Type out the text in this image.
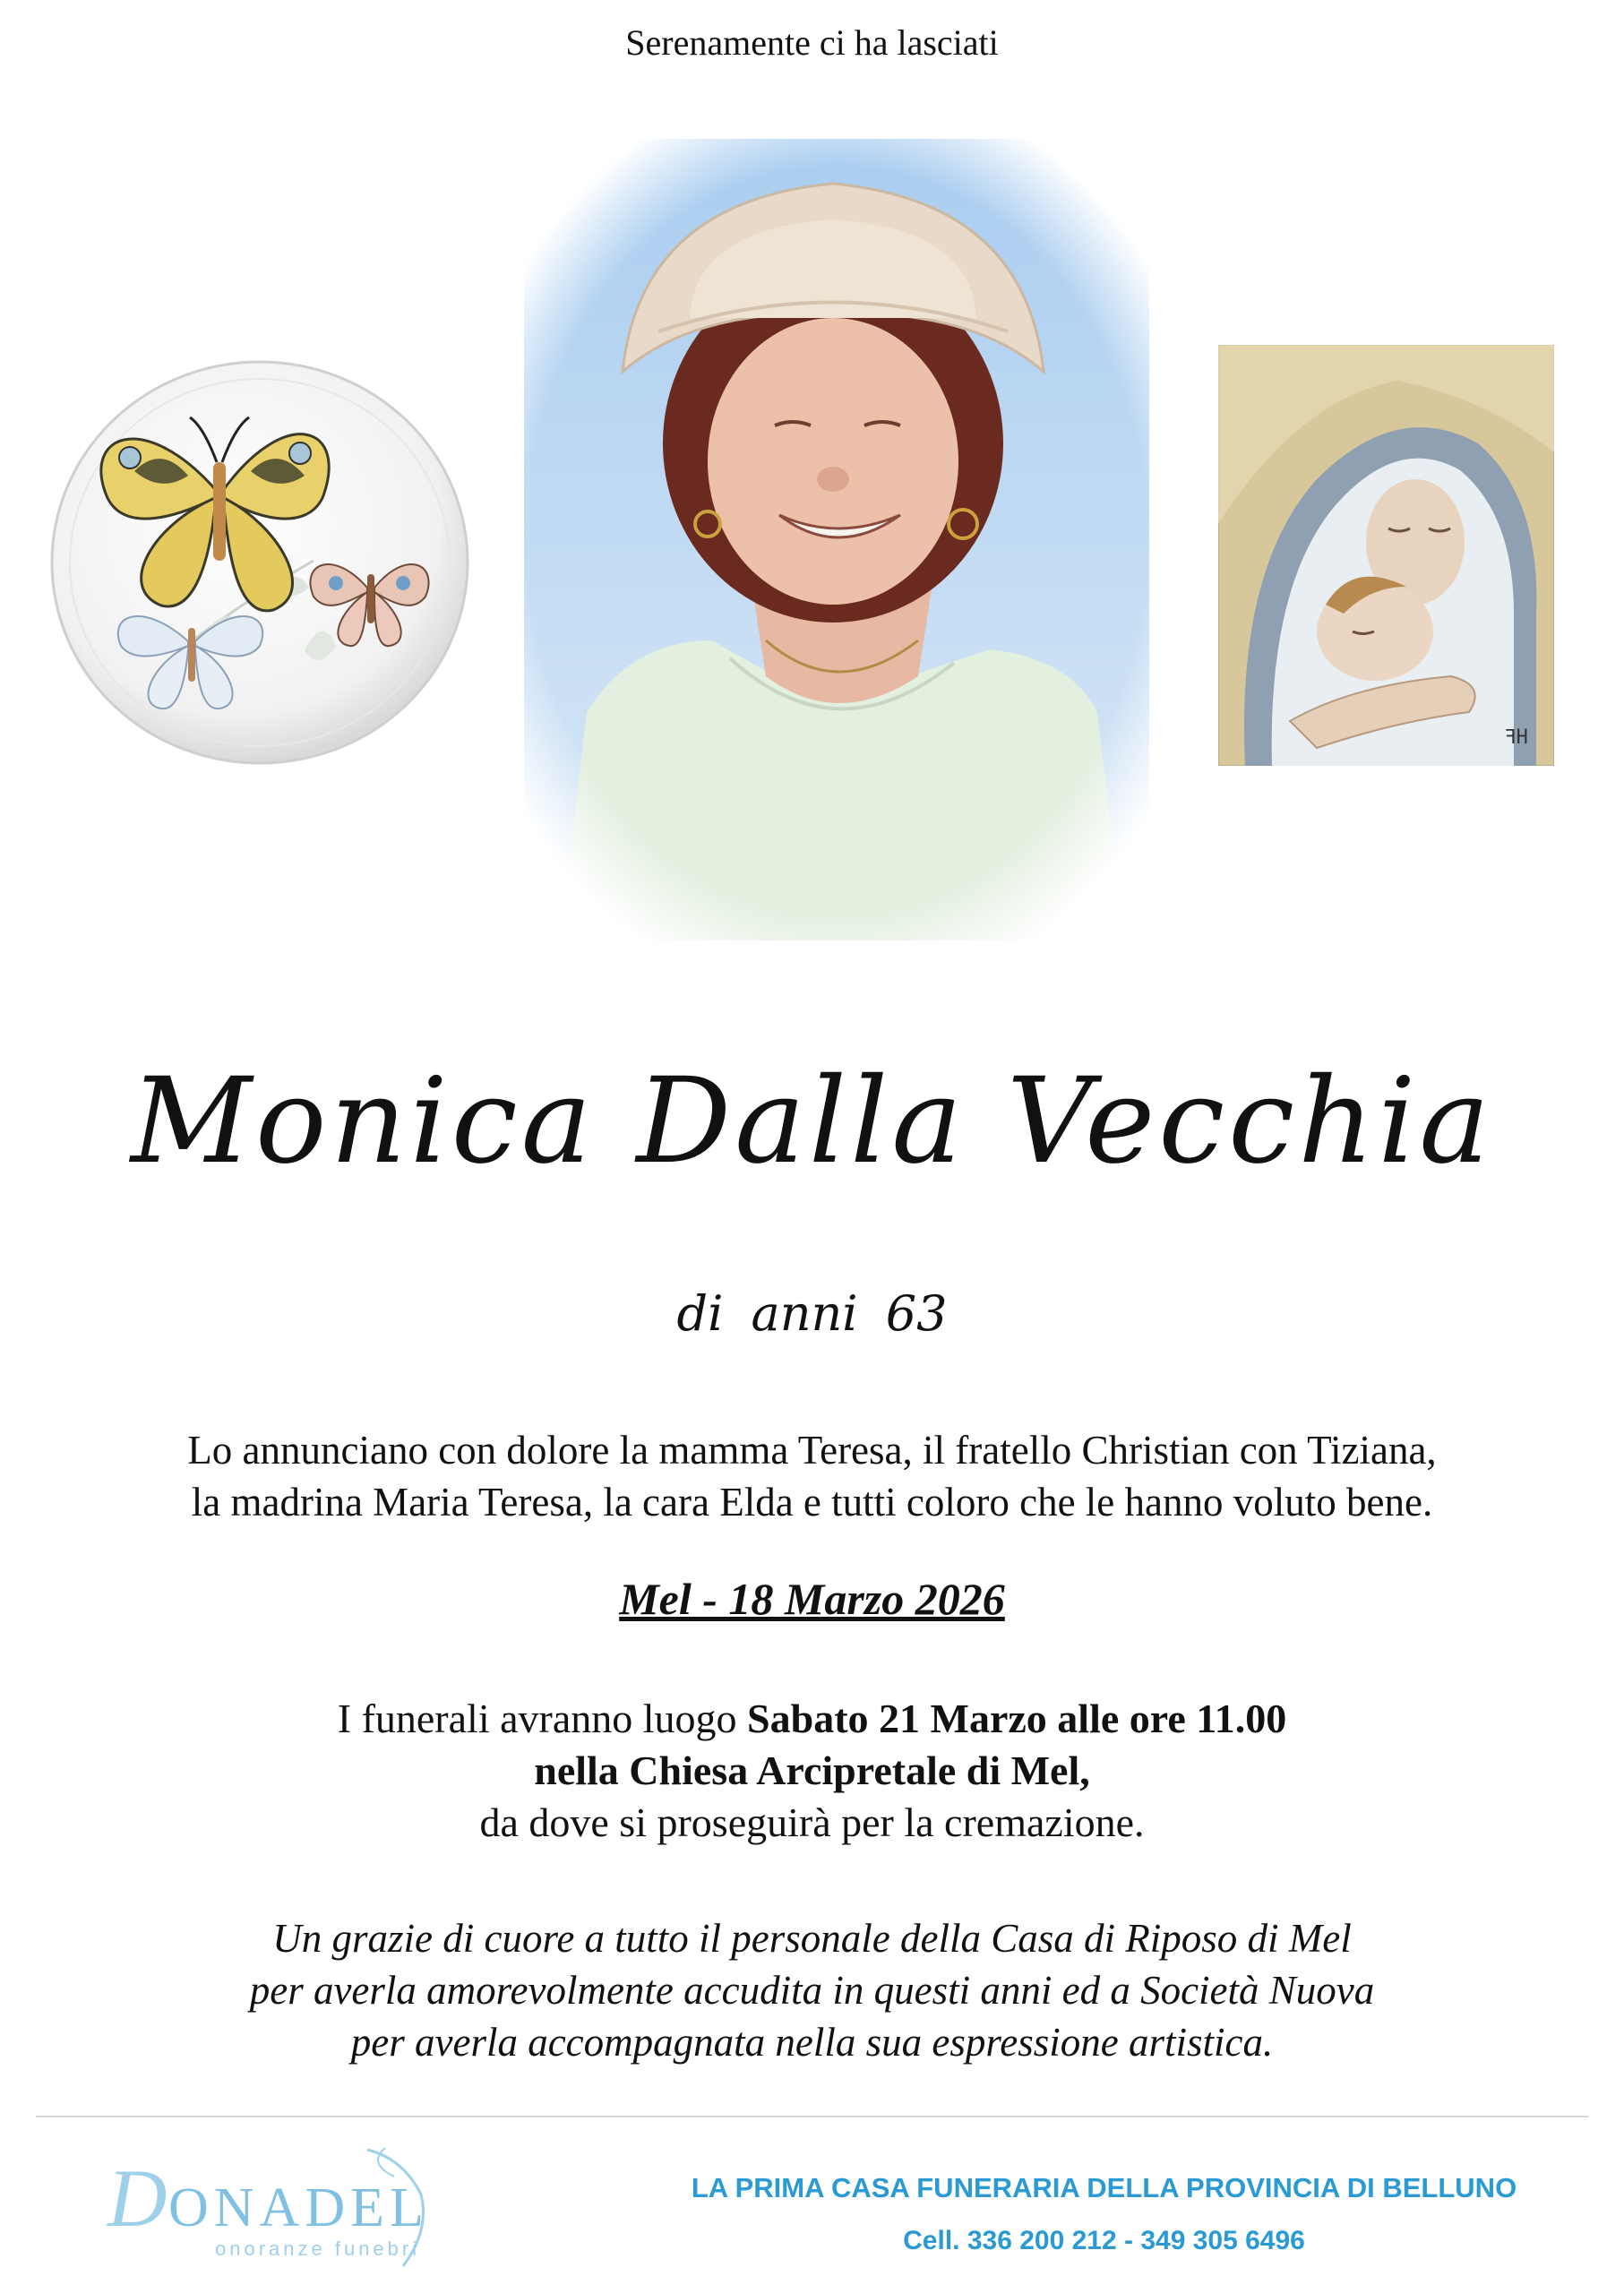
Serenamente ci ha lasciati
ꟻH
Monica Dalla Vecchia
di anni 63
Lo annunciano con dolore la mamma Teresa, il fratello Christian con Tiziana,
la madrina Maria Teresa, la cara Elda e tutti coloro che le hanno voluto bene.
Mel - 18 Marzo 2026
I funerali avranno luogo Sabato 21 Marzo alle ore 11.00
nella Chiesa Arcipretale di Mel,
da dove si proseguirà per la cremazione.
Un grazie di cuore a tutto il personale della Casa di Riposo di Mel
per averla amorevolmente accudita in questi anni ed a Società Nuova
per averla accompagnata nella sua espressione artistica.
D ONADEL
onoranze funebri
LA PRIMA CASA FUNERARIA DELLA PROVINCIA DI BELLUNO
Cell. 336 200 212 - 349 305 6496
